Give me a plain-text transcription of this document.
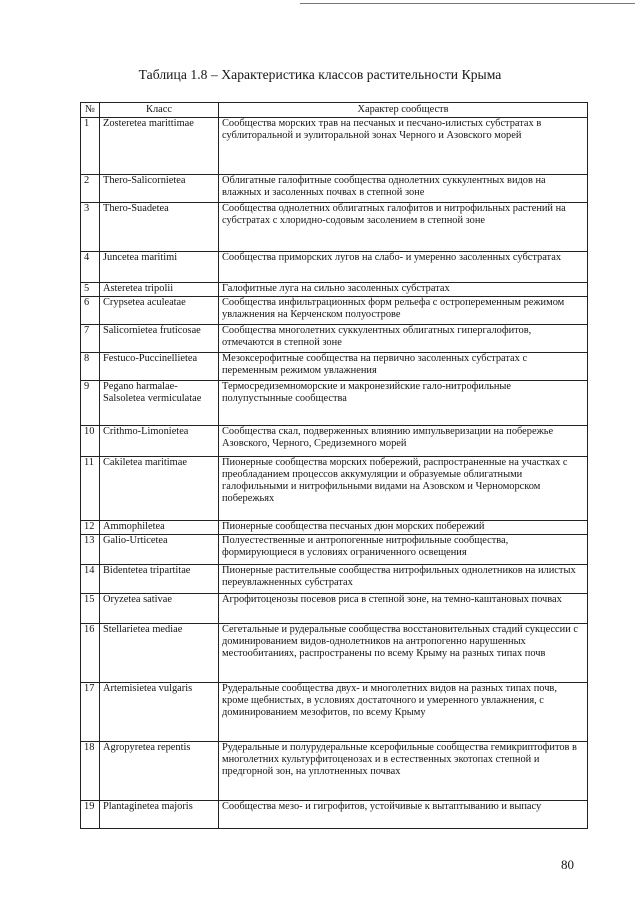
Таблица 1.8 – Характеристика классов растительности Крыма
№	Класс	Характер сообществ
1	Zosteretea marittimae	Сообщества морских трав на песчаных и песчано-илистых субстратах в сублиторальной и эулиторальной зонах Черного и Азовского морей
2	Thero-Salicornietea	Облигатные галофитные сообщества однолетних суккулентных видов на влажных и засоленных почвах в степной зоне
3	Thero-Suadetea	Сообщества однолетних облигатных галофитов и нитрофильных растений на субстратах с хлоридно-содовым засолением в степной зоне
4	Juncetea maritimi	Сообщества приморских лугов на слабо- и умеренно засоленных субстратах
5	Asteretea tripolii	Галофитные луга на сильно засоленных субстратах
6	Crypsetea aculeatae	Сообщества инфильтрационных форм рельефа с остропеременным режимом увлажнения на Керченском полуострове
7	Salicornietea fruticosae	Сообщества многолетних суккулентных облигатных гипергалофитов, отмечаются в степной зоне
8	Festuco-Puccinellietea	Мезоксерофитные сообщества на первично засоленных субстратах с переменным режимом увлажнения
9	Pegano harmalae-Salsoletea vermiculatae	Термосредиземноморские и макронезийские гало-нитрофильные полупустынные сообщества
10	Crithmo-Limonietea	Сообщества скал, подверженных влиянию импульверизации на побережье Азовского, Черного, Средиземного морей
11	Cakiletea maritimae	Пионерные сообщества морских побережий, распространенные на участках с преобладанием процессов аккумуляции и образуемые облигатными галофильными и нитрофильными видами на Азовском и Черноморском побережьях
12	Ammophiletea	Пионерные сообщества песчаных дюн морских побережий
13	Galio-Urticetea	Полуестественные и антропогенные нитрофильные сообщества, формирующиеся в условиях ограниченного освещения
14	Bidentetea tripartitae	Пионерные растительные сообщества нитрофильных однолетников на илистых переувлажненных субстратах
15	Oryzetea sativae	Агрофитоценозы посевов риса в степной зоне, на темно-каштановых почвах
16	Stellarietea mediae	Сегетальные и рудеральные сообщества восстановительных стадий сукцессии с доминированием видов-однолетников на антропогенно нарушенных местообитаниях, распространены по всему Крыму на разных типах почв
17	Artemisietea vulgaris	Рудеральные сообщества двух- и многолетних видов на разных типах почв, кроме щебнистых, в условиях достаточного и умеренного увлажнения, с доминированием мезофитов, по всему Крыму
18	Agropyretea repentis	Рудеральные и полурудеральные ксерофильные сообщества гемикриптофитов в многолетних культурфитоценозах и в естественных экотопах степной и предгорной зон, на уплотненных почвах
19	Plantaginetea majoris	Сообщества мезо- и гигрофитов, устойчивые к вытаптыванию и выпасу
80
